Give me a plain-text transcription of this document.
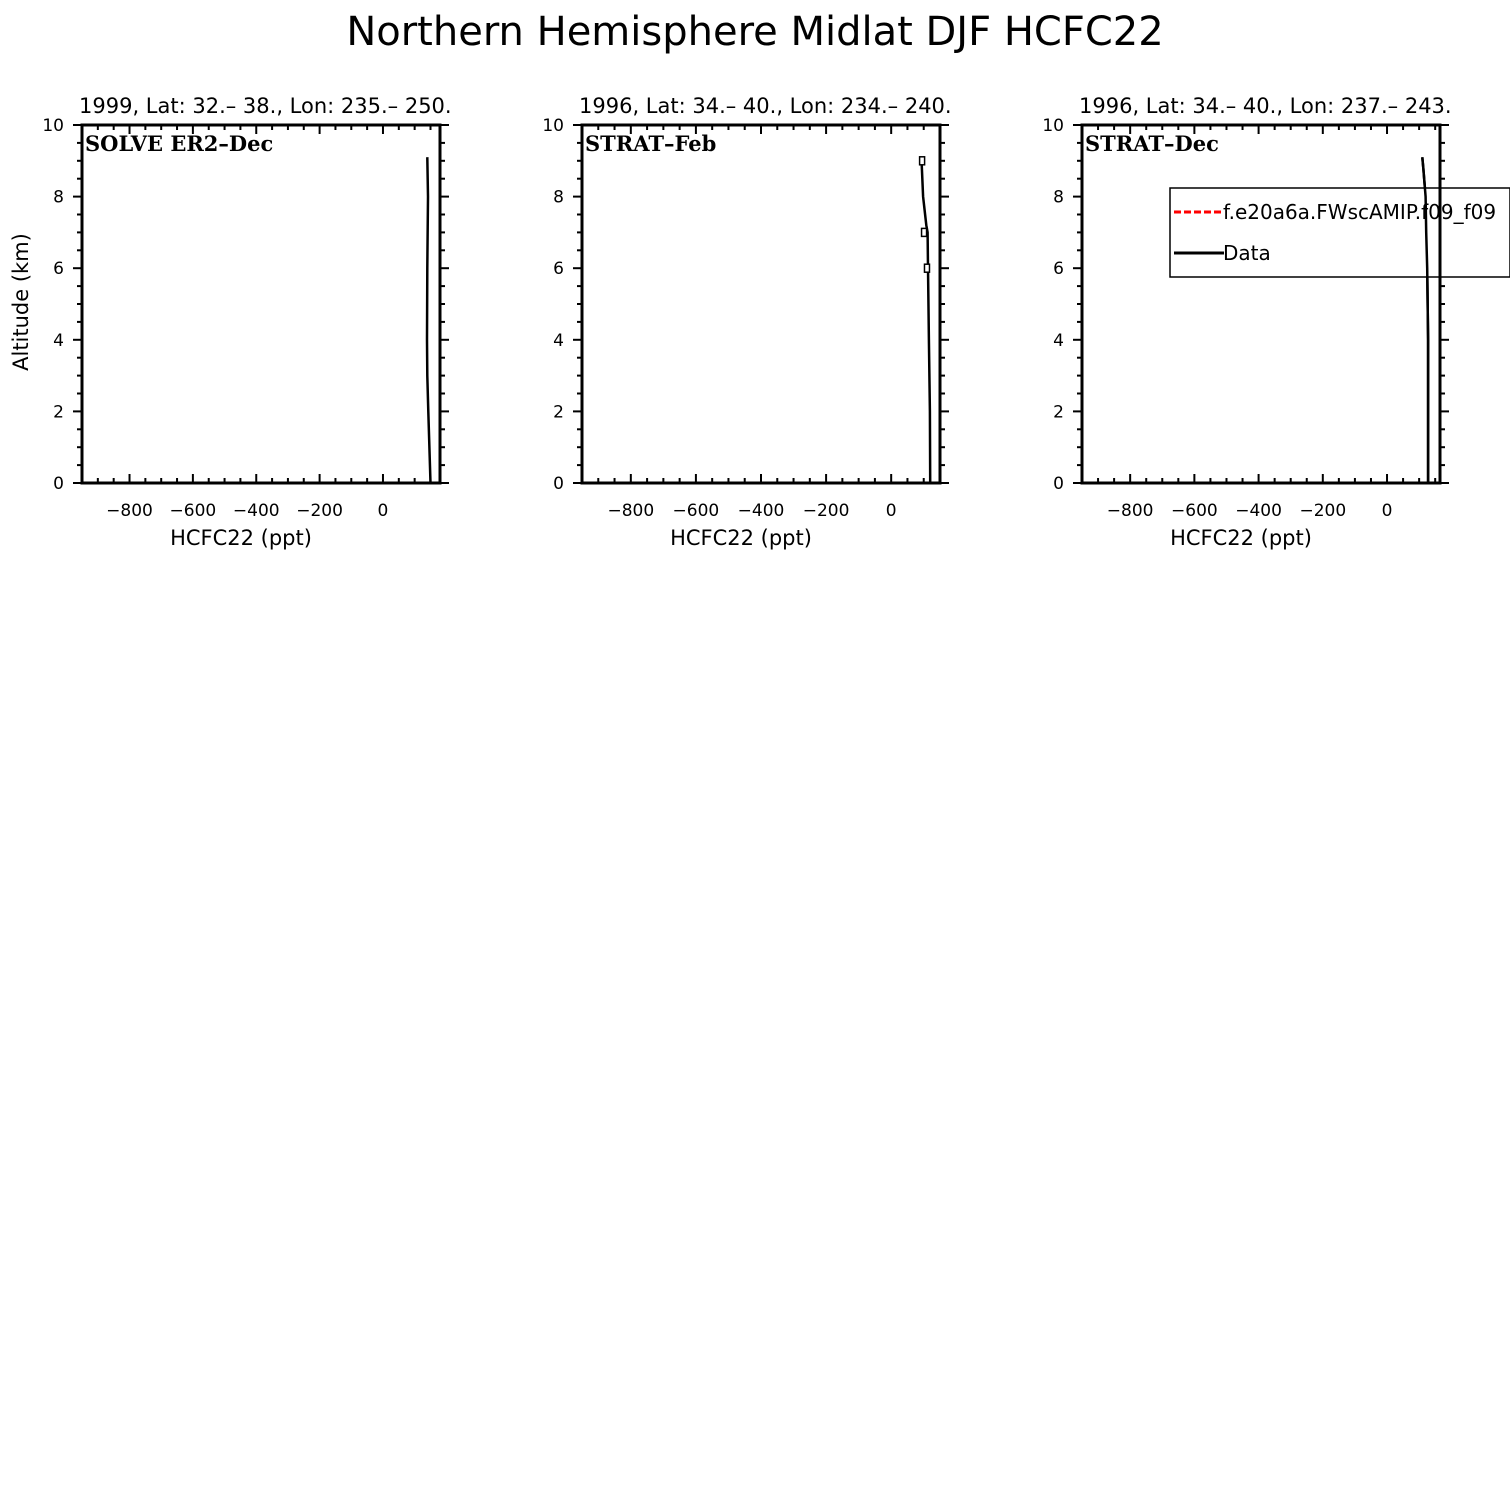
Northern Hemisphere Midlat DJF HCFC22
−800 −600 −400 −200 0
0
2
4
6
8
10
1999, Lat: 32.– 38., Lon: 235.– 250.
SOLVE ER2–Dec
HCFC22 (ppt)
Altitude (km)
−800 −600 −400 −200 0
0
2
4
6
8
10
1996, Lat: 34.– 40., Lon: 234.– 240.
STRAT–Feb
HCFC22 (ppt)
−800 −600 −400 −200 0
0
2
4
6
8
10
1996, Lat: 34.– 40., Lon: 237.– 243.
STRAT–Dec
HCFC22 (ppt)
f.e20a6a.FWscAMIP.f09_f09
Data
